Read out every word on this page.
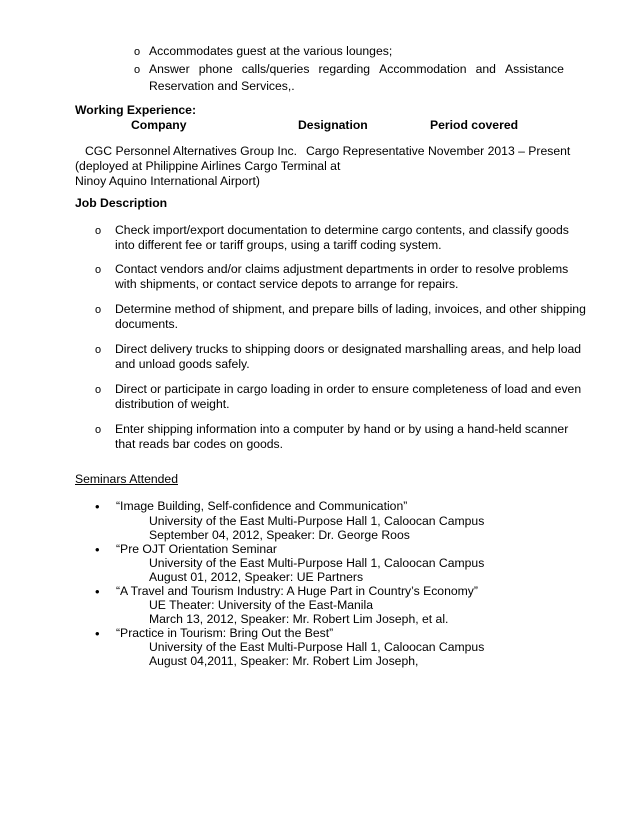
o Accommodates guest at the various lounges;
o Answer phone calls/queries regarding Accommodation and Assistance
Reservation and Services,.
Working Experience:
Company	Designation	Period covered
CGC Personnel Alternatives Group Inc. Cargo Representative November 2013 – Present
(deployed at Philippine Airlines Cargo Terminal at
Ninoy Aquino International Airport)
Job Description
o Check import/export documentation to determine cargo contents, and classify goods
into different fee or tariff groups, using a tariff coding system.
o Contact vendors and/or claims adjustment departments in order to resolve problems
with shipments, or contact service depots to arrange for repairs.
o Determine method of shipment, and prepare bills of lading, invoices, and other shipping
documents.
o Direct delivery trucks to shipping doors or designated marshalling areas, and help load
and unload goods safely.
o Direct or participate in cargo loading in order to ensure completeness of load and even
distribution of weight.
o Enter shipping information into a computer by hand or by using a hand-held scanner
that reads bar codes on goods.
Seminars Attended
• “Image Building, Self-confidence and Communication”
University of the East Multi-Purpose Hall 1, Caloocan Campus
September 04, 2012, Speaker: Dr. George Roos
• “Pre OJT Orientation Seminar
University of the East Multi-Purpose Hall 1, Caloocan Campus
August 01, 2012, Speaker: UE Partners
• “A Travel and Tourism Industry: A Huge Part in Country’s Economy”
UE Theater: University of the East-Manila
March 13, 2012, Speaker: Mr. Robert Lim Joseph, et al.
• “Practice in Tourism: Bring Out the Best”
University of the East Multi-Purpose Hall 1, Caloocan Campus
August 04,2011, Speaker: Mr. Robert Lim Joseph,
